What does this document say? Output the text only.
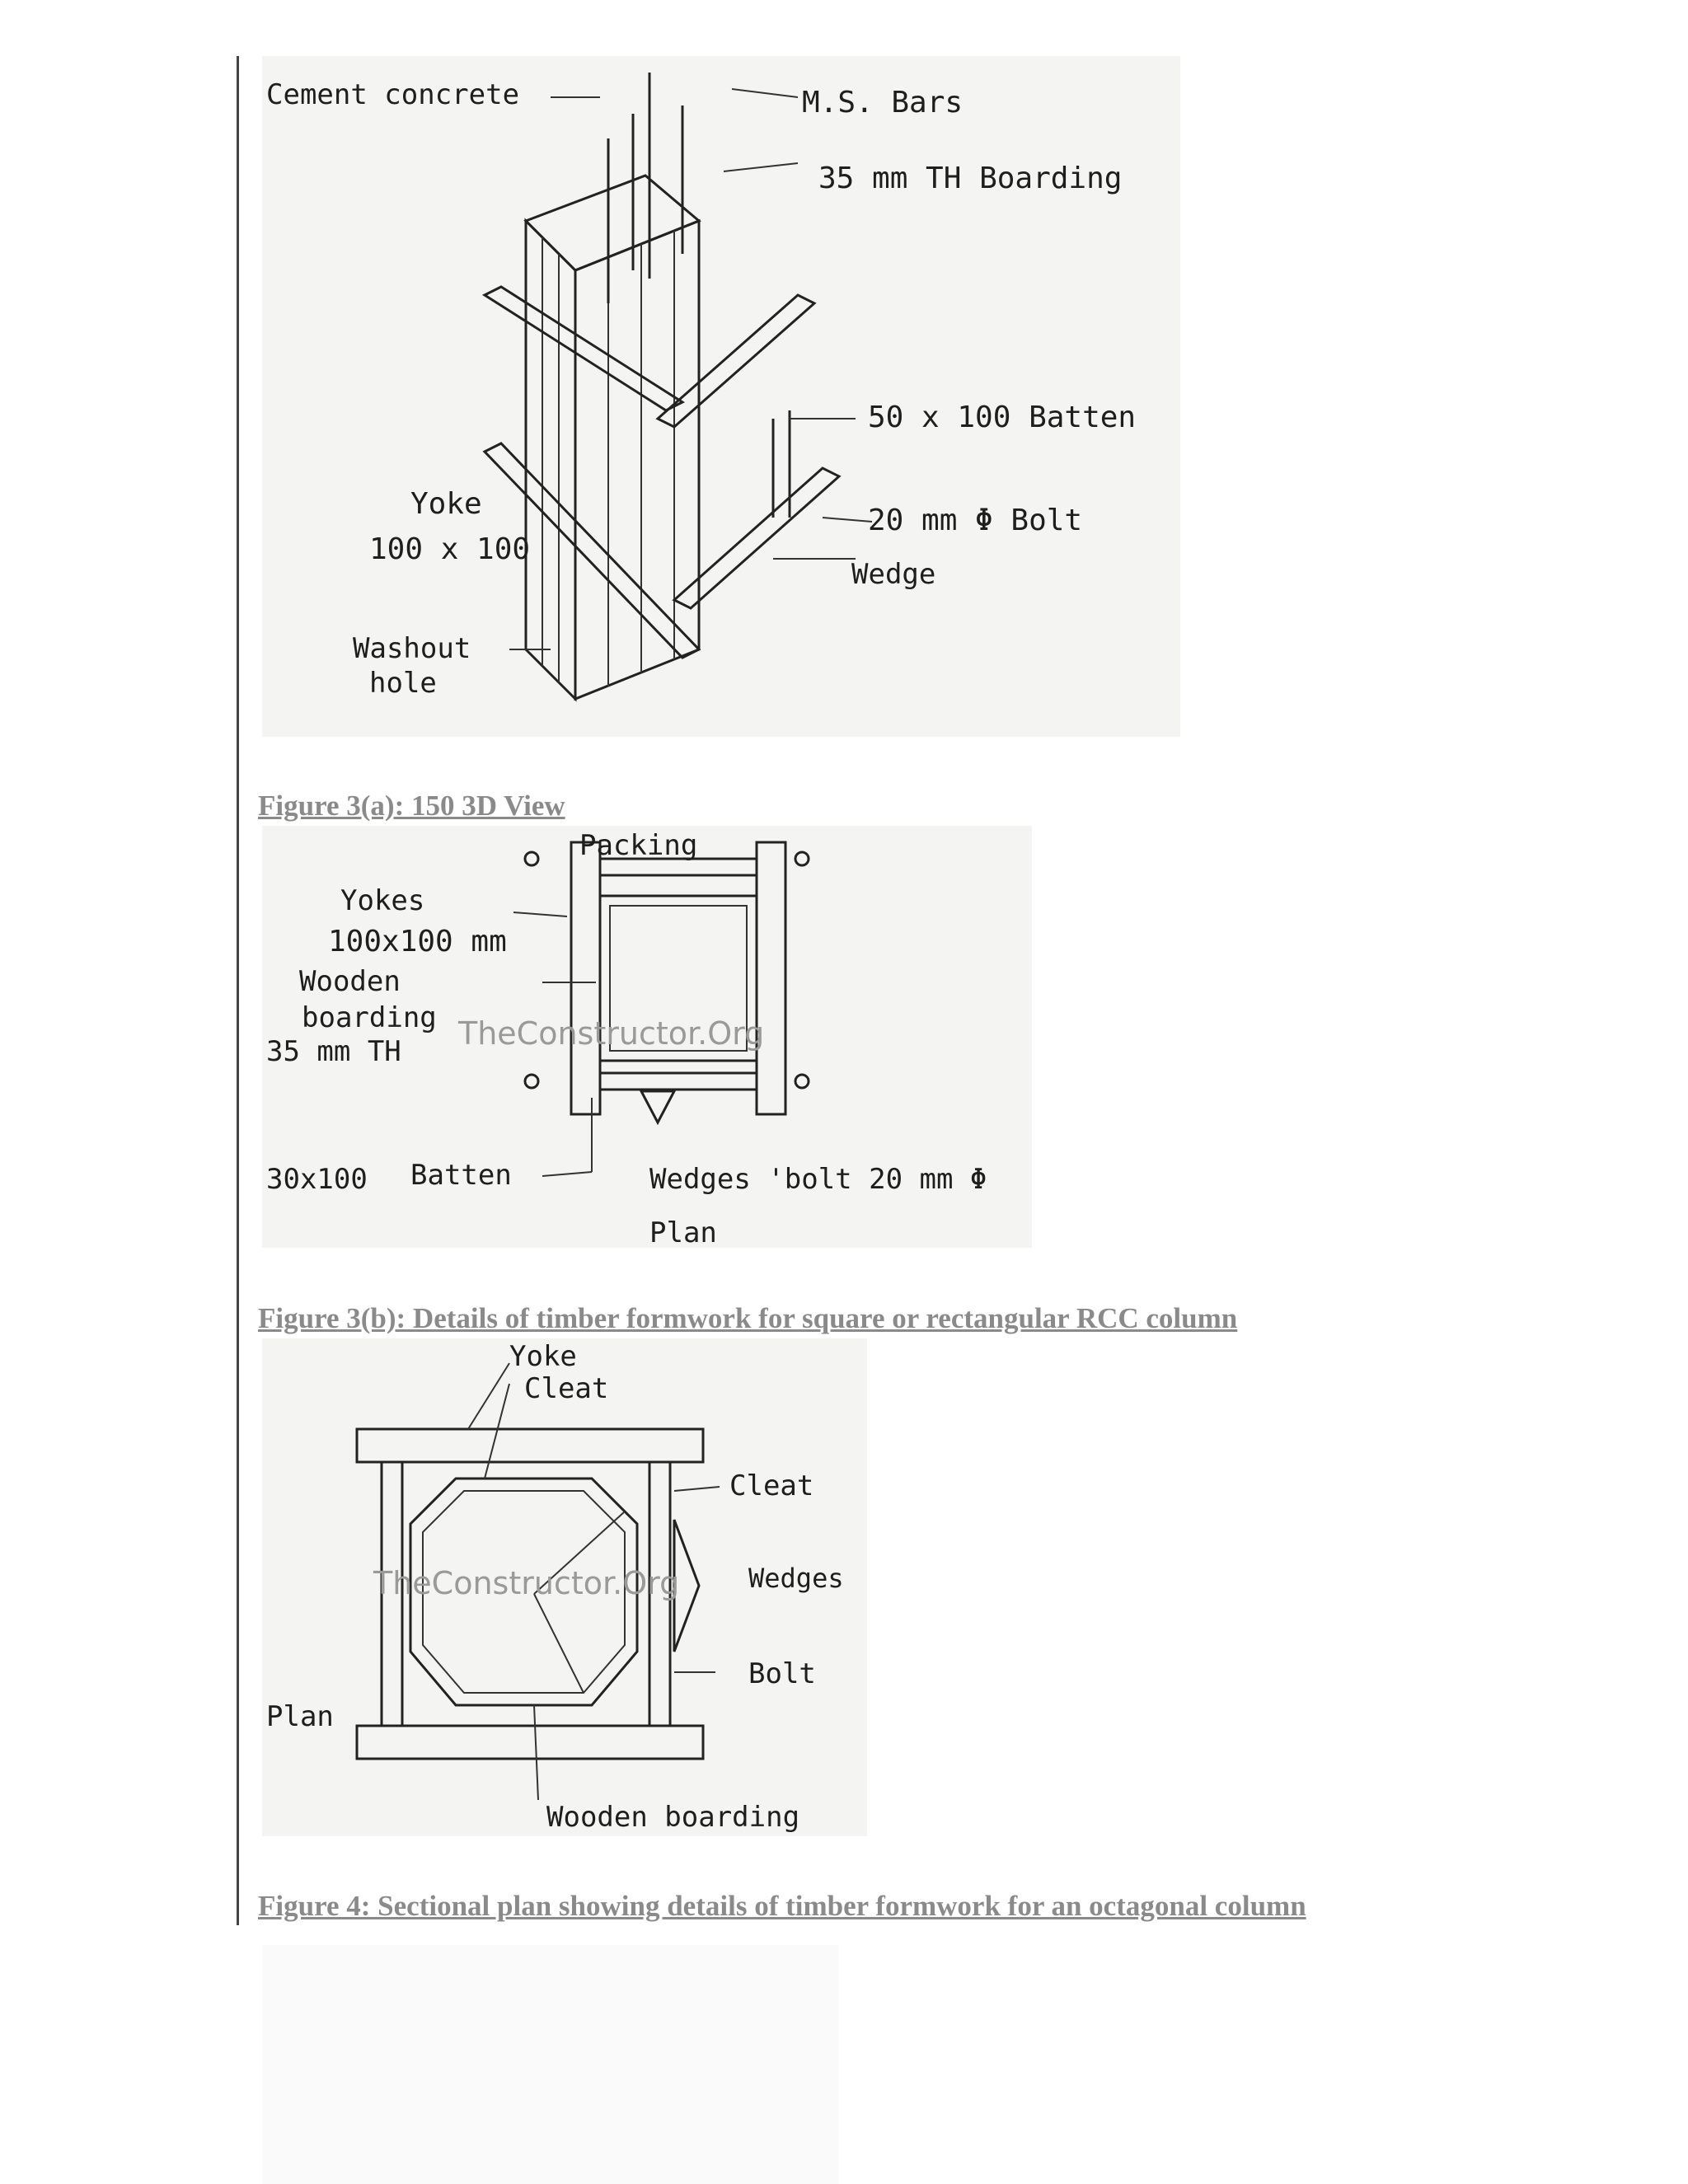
Cement concrete	M.S. Bars
35 mm TH Boarding
50 x 100 Batten
Yoke
100 x 100
20 mm Φ Bolt
Wedge
Washout
hole
Figure 3(a): 150 3D View
Packing
Yokes
100x100 mm
Wooden
boarding
35 mm TH
30x100 Batten	Wedges 'bolt 20 mm Φ
Plan
TheConstructor.Org
Figure 3(b): Details of timber formwork for square or rectangular RCC column
Yoke
Cleat
Cleat
Wedges
Bolt
Plan
Wooden boarding
TheConstructor.Org
Figure 4: Sectional plan showing details of timber formwork for an octagonal column
